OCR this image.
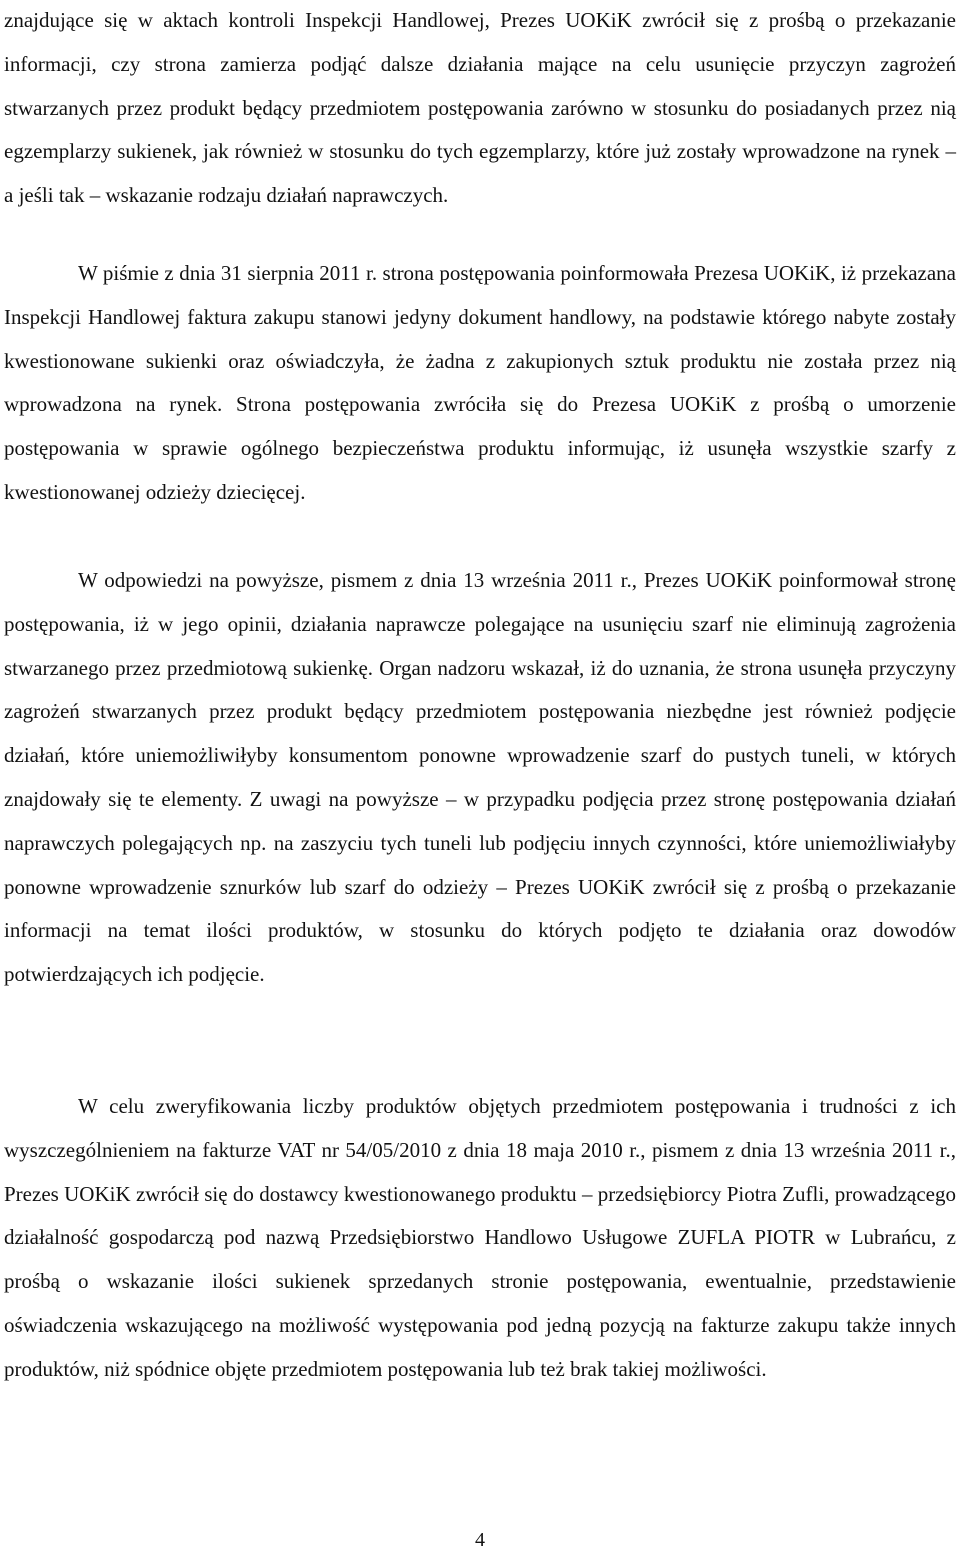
znajdujące się w aktach kontroli Inspekcji Handlowej, Prezes UOKiK zwrócił się z prośbą o przekazanie informacji, czy strona zamierza podjąć dalsze działania mające na celu usunięcie przyczyn zagrożeń stwarzanych przez produkt będący przedmiotem postępowania zarówno w stosunku do posiadanych przez nią egzemplarzy sukienek, jak również w stosunku do tych egzemplarzy, które już zostały wprowadzone na rynek – a jeśli tak – wskazanie rodzaju działań naprawczych.

W piśmie z dnia 31 sierpnia 2011 r. strona postępowania poinformowała Prezesa UOKiK, iż przekazana Inspekcji Handlowej faktura zakupu stanowi jedyny dokument handlowy, na podstawie którego nabyte zostały kwestionowane sukienki oraz oświadczyła, że żadna z zakupionych sztuk produktu nie została przez nią wprowadzona na rynek. Strona postępowania zwróciła się do Prezesa UOKiK z prośbą o umorzenie postępowania w sprawie ogólnego bezpieczeństwa produktu informując, iż usunęła wszystkie szarfy z kwestionowanej odzieży dziecięcej.

W odpowiedzi na powyższe, pismem z dnia 13 września 2011 r., Prezes UOKiK poinformował stronę postępowania, iż w jego opinii, działania naprawcze polegające na usunięciu szarf nie eliminują zagrożenia stwarzanego przez przedmiotową sukienkę. Organ nadzoru wskazał, iż do uznania, że strona usunęła przyczyny zagrożeń stwarzanych przez produkt będący przedmiotem postępowania niezbędne jest również podjęcie działań, które uniemożliwiłyby konsumentom ponowne wprowadzenie szarf do pustych tuneli, w których znajdowały się te elementy. Z uwagi na powyższe – w przypadku podjęcia przez stronę postępowania działań naprawczych polegających np. na zaszyciu tych tuneli lub podjęciu innych czynności, które uniemożliwiałyby ponowne wprowadzenie sznurków lub szarf do odzieży – Prezes UOKiK zwrócił się z prośbą o przekazanie informacji na temat ilości produktów, w stosunku do których podjęto te działania oraz dowodów potwierdzających ich podjęcie.

W celu zweryfikowania liczby produktów objętych przedmiotem postępowania i trudności z ich wyszczególnieniem na fakturze VAT nr 54/05/2010 z dnia 18 maja 2010 r., pismem z dnia 13 września 2011 r., Prezes UOKiK zwrócił się do dostawcy kwestionowanego produktu – przedsiębiorcy Piotra Zufli, prowadzącego działalność gospodarczą pod nazwą Przedsiębiorstwo Handlowo Usługowe ZUFLA PIOTR w Lubrańcu, z prośbą o wskazanie ilości sukienek sprzedanych stronie postępowania, ewentualnie, przedstawienie oświadczenia wskazującego na możliwość występowania pod jedną pozycją na fakturze zakupu także innych produktów, niż spódnice objęte przedmiotem postępowania lub też brak takiej możliwości.

4
